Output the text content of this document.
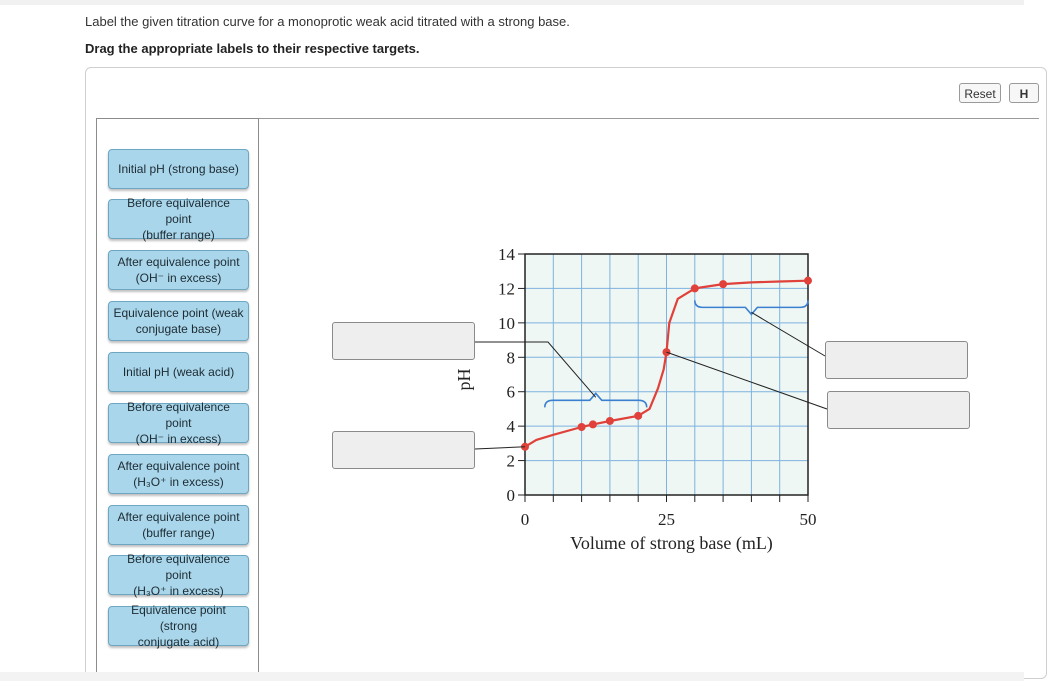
Label the given titration curve for a monoprotic weak acid titrated with a strong base.
Drag the appropriate labels to their respective targets.
Reset	H
Initial pH (strong base)
Before equivalence point
(buffer range)
After equivalence point
(OH⁻ in excess)
Equivalence point (weak
conjugate base)
Initial pH (weak acid)
Before equivalence point
(OH⁻ in excess)
After equivalence point
(H₃O⁺ in excess)
After equivalence point
(buffer range)
Before equivalence point
(H₃O⁺ in excess)
Equivalence point (strong
conjugate acid)
0
2
4
6
8
10
12
14
0	25	50
Volume of strong base (mL)
pH
